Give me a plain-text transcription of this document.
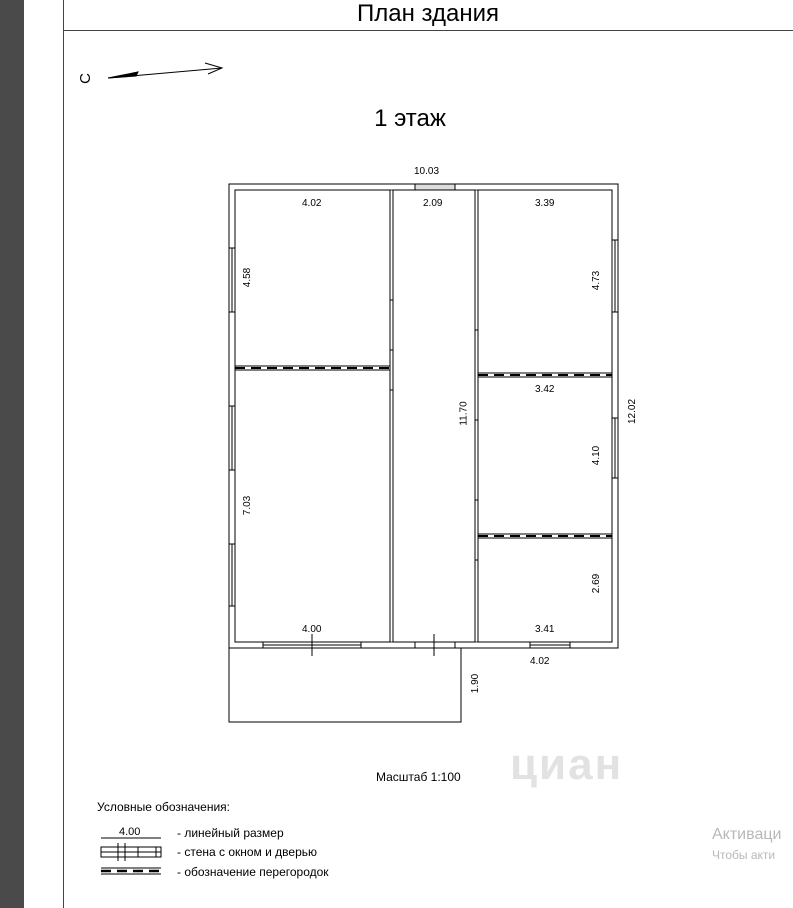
План здания
С
1 этаж
10.03
4.02	2.09	3.39
4.58	4.73
11.70
3.42
12.02
4.10
7.03
2.69
4.00	3.41
4.02
1.90
Масштаб 1:100
Условные обозначения:
4.00	- линейный размер
- стена с окном и дверью
- обозначение перегородок
циан
Активаци
Чтобы акти
